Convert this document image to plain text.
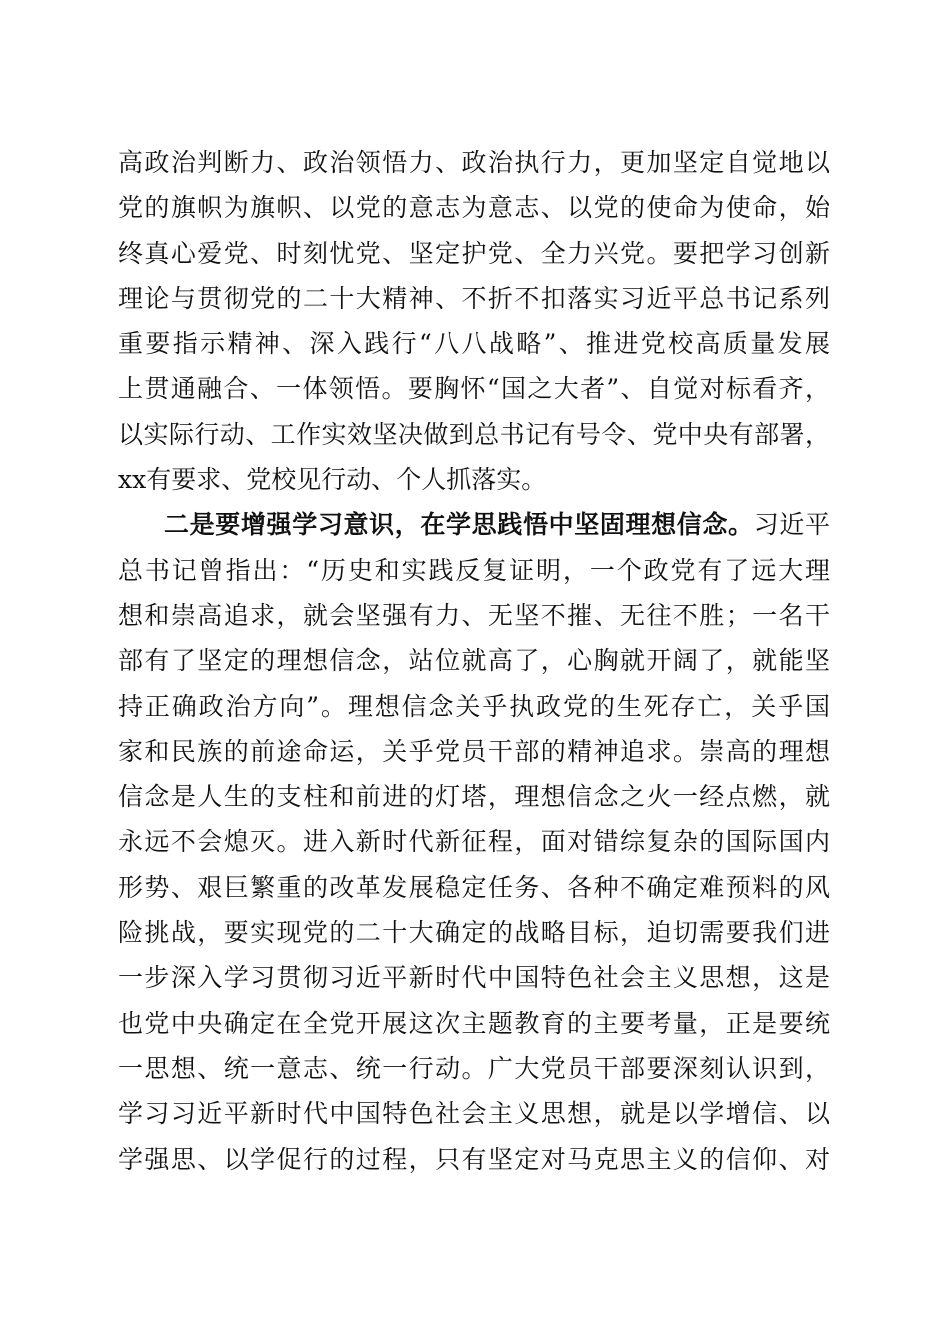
高政治判断力、政治领悟力、政治执行力，更加坚定自觉地以
党的旗帜为旗帜、以党的意志为意志、以党的使命为使命，始
终真心爱党、时刻忧党、坚定护党、全力兴党。要把学习创新
理论与贯彻党的二十大精神、不折不扣落实习近平总书记系列
重要指示精神、深入践行“八八战略”、推进党校高质量发展
上贯通融合、一体领悟。要胸怀“国之大者”、自觉对标看齐，
以实际行动、工作实效坚决做到总书记有号令、党中央有部署，
xx有要求、党校见行动、个人抓落实。
二是要增强学习意识，在学思践悟中坚固理想信念。习近平
总书记曾指出：“历史和实践反复证明，一个政党有了远大理
想和崇高追求，就会坚强有力、无坚不摧、无往不胜；一名干
部有了坚定的理想信念，站位就高了，心胸就开阔了，就能坚
持正确政治方向”。理想信念关乎执政党的生死存亡，关乎国
家和民族的前途命运，关乎党员干部的精神追求。崇高的理想
信念是人生的支柱和前进的灯塔，理想信念之火一经点燃，就
永远不会熄灭。进入新时代新征程，面对错综复杂的国际国内
形势、艰巨繁重的改革发展稳定任务、各种不确定难预料的风
险挑战，要实现党的二十大确定的战略目标，迫切需要我们进
一步深入学习贯彻习近平新时代中国特色社会主义思想，这是
也党中央确定在全党开展这次主题教育的主要考量，正是要统
一思想、统一意志、统一行动。广大党员干部要深刻认识到，
学习习近平新时代中国特色社会主义思想，就是以学增信、以
学强思、以学促行的过程，只有坚定对马克思主义的信仰、对
